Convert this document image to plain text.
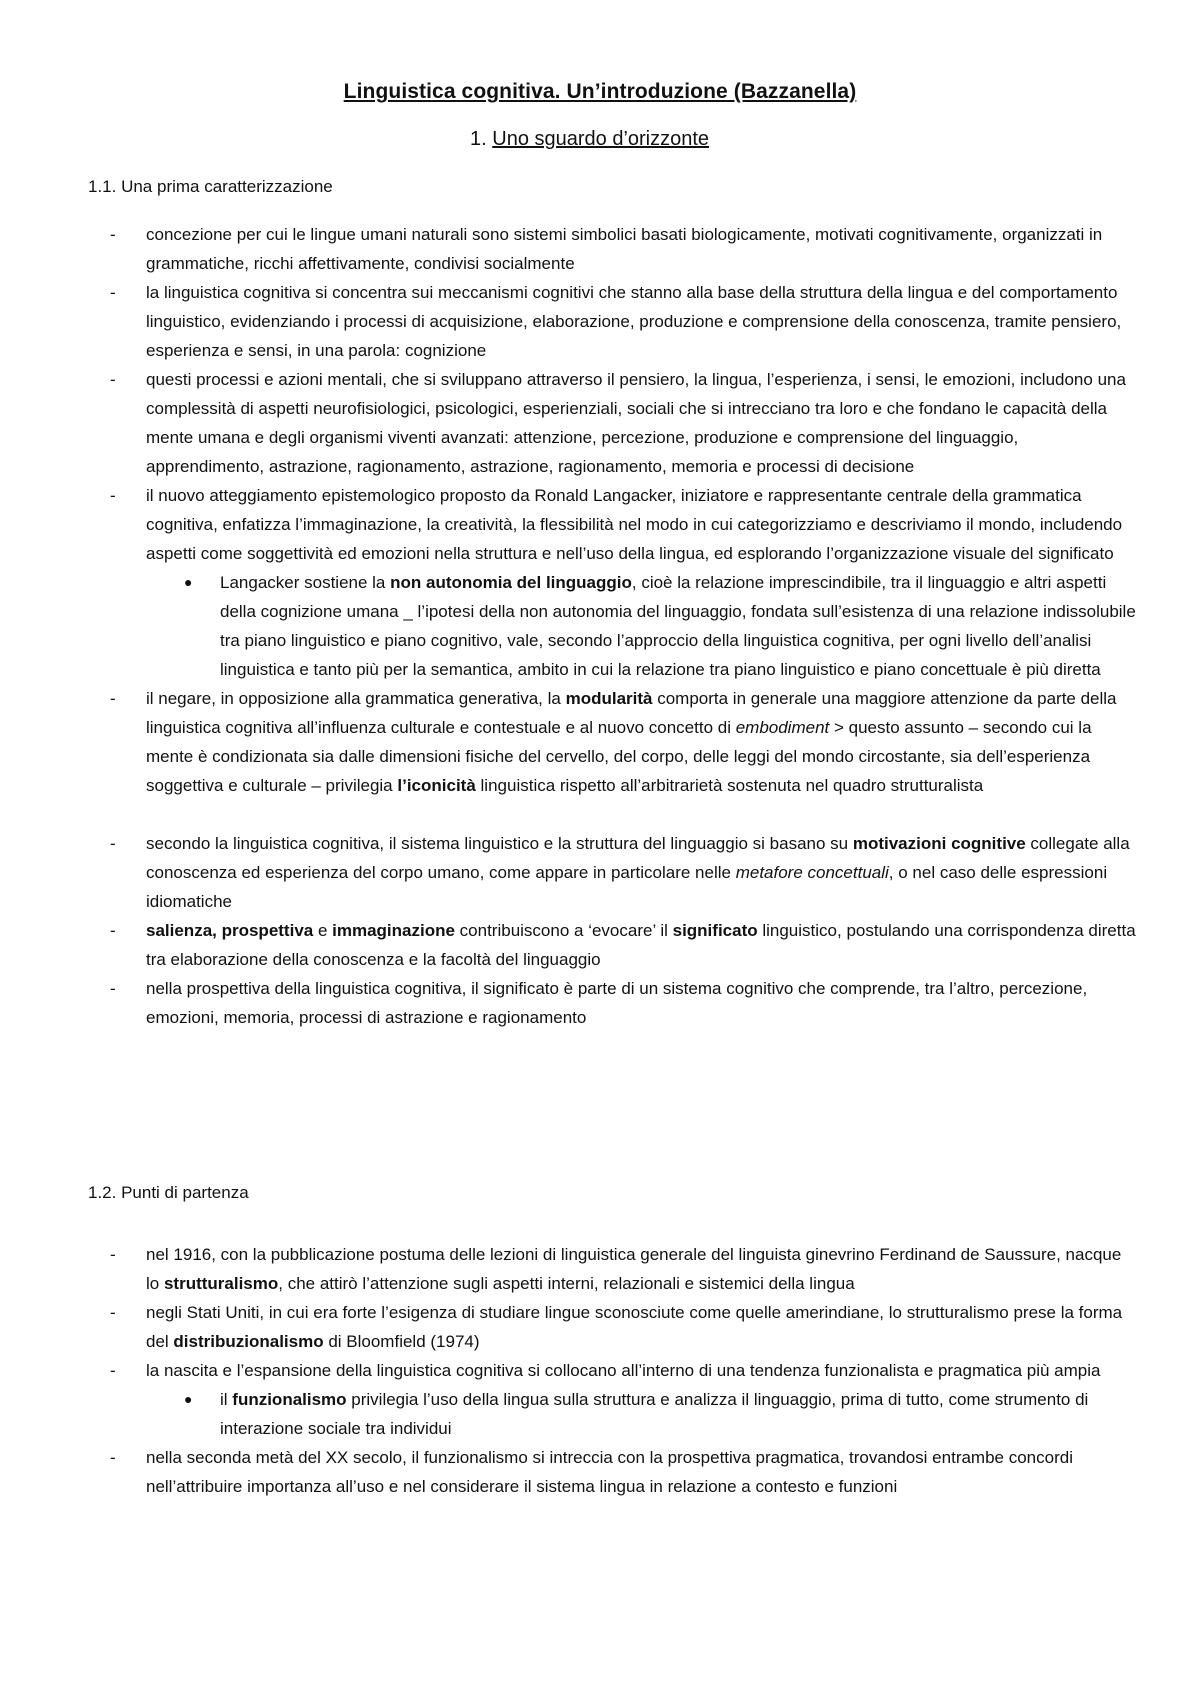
Linguistica cognitiva. Un’introduzione (Bazzanella)
1. Uno sguardo d’orizzonte
1.1. Una prima caratterizzazione
- concezione per cui le lingue umani naturali sono sistemi simbolici basati biologicamente, motivati cognitivamente, organizzati in grammatiche, ricchi affettivamente, condivisi socialmente
- la linguistica cognitiva si concentra sui meccanismi cognitivi che stanno alla base della struttura della lingua e del comportamento linguistico, evidenziando i processi di acquisizione, elaborazione, produzione e comprensione della conoscenza, tramite pensiero, esperienza e sensi, in una parola: cognizione
- questi processi e azioni mentali, che si sviluppano attraverso il pensiero, la lingua, l’esperienza, i sensi, le emozioni, includono una complessità di aspetti neurofisiologici, psicologici, esperienziali, sociali che si intrecciano tra loro e che fondano le capacità della mente umana e degli organismi viventi avanzati: attenzione, percezione, produzione e comprensione del linguaggio, apprendimento, astrazione, ragionamento, astrazione, ragionamento, memoria e processi di decisione
- il nuovo atteggiamento epistemologico proposto da Ronald Langacker, iniziatore e rappresentante centrale della grammatica cognitiva, enfatizza l’immaginazione, la creatività, la flessibilità nel modo in cui categorizziamo e descriviamo il mondo, includendo aspetti come soggettività ed emozioni nella struttura e nell’uso della lingua, ed esplorando l’organizzazione visuale del significato
● Langacker sostiene la non autonomia del linguaggio, cioè la relazione imprescindibile, tra il linguaggio e altri aspetti della cognizione umana _ l’ipotesi della non autonomia del linguaggio, fondata sull’esistenza di una relazione indissolubile tra piano linguistico e piano cognitivo, vale, secondo l’approccio della linguistica cognitiva, per ogni livello dell’analisi linguistica e tanto più per la semantica, ambito in cui la relazione tra piano linguistico e piano concettuale è più diretta
- il negare, in opposizione alla grammatica generativa, la modularità comporta in generale una maggiore attenzione da parte della linguistica cognitiva all’influenza culturale e contestuale e al nuovo concetto di embodiment > questo assunto – secondo cui la mente è condizionata sia dalle dimensioni fisiche del cervello, del corpo, delle leggi del mondo circostante, sia dell’esperienza soggettiva e culturale – privilegia l’iconicità linguistica rispetto all’arbitrarietà sostenuta nel quadro strutturalista

- secondo la linguistica cognitiva, il sistema linguistico e la struttura del linguaggio si basano su motivazioni cognitive collegate alla conoscenza ed esperienza del corpo umano, come appare in particolare nelle metafore concettuali, o nel caso delle espressioni idiomatiche
- salienza, prospettiva e immaginazione contribuiscono a ‘evocare’ il significato linguistico, postulando una corrispondenza diretta tra elaborazione della conoscenza e la facoltà del linguaggio
- nella prospettiva della linguistica cognitiva, il significato è parte di un sistema cognitivo che comprende, tra l’altro, percezione, emozioni, memoria, processi di astrazione e ragionamento
1.2. Punti di partenza
- nel 1916, con la pubblicazione postuma delle lezioni di linguistica generale del linguista ginevrino Ferdinand de Saussure, nacque lo strutturalismo, che attirò l’attenzione sugli aspetti interni, relazionali e sistemici della lingua
- negli Stati Uniti, in cui era forte l’esigenza di studiare lingue sconosciute come quelle amerindiane, lo strutturalismo prese la forma del distribuzionalismo di Bloomfield (1974)
- la nascita e l’espansione della linguistica cognitiva si collocano all’interno di una tendenza funzionalista e pragmatica più ampia
● il funzionalismo privilegia l’uso della lingua sulla struttura e analizza il linguaggio, prima di tutto, come strumento di interazione sociale tra individui
- nella seconda metà del XX secolo, il funzionalismo si intreccia con la prospettiva pragmatica, trovandosi entrambe concordi nell’attribuire importanza all’uso e nel considerare il sistema lingua in relazione a contesto e funzioni
